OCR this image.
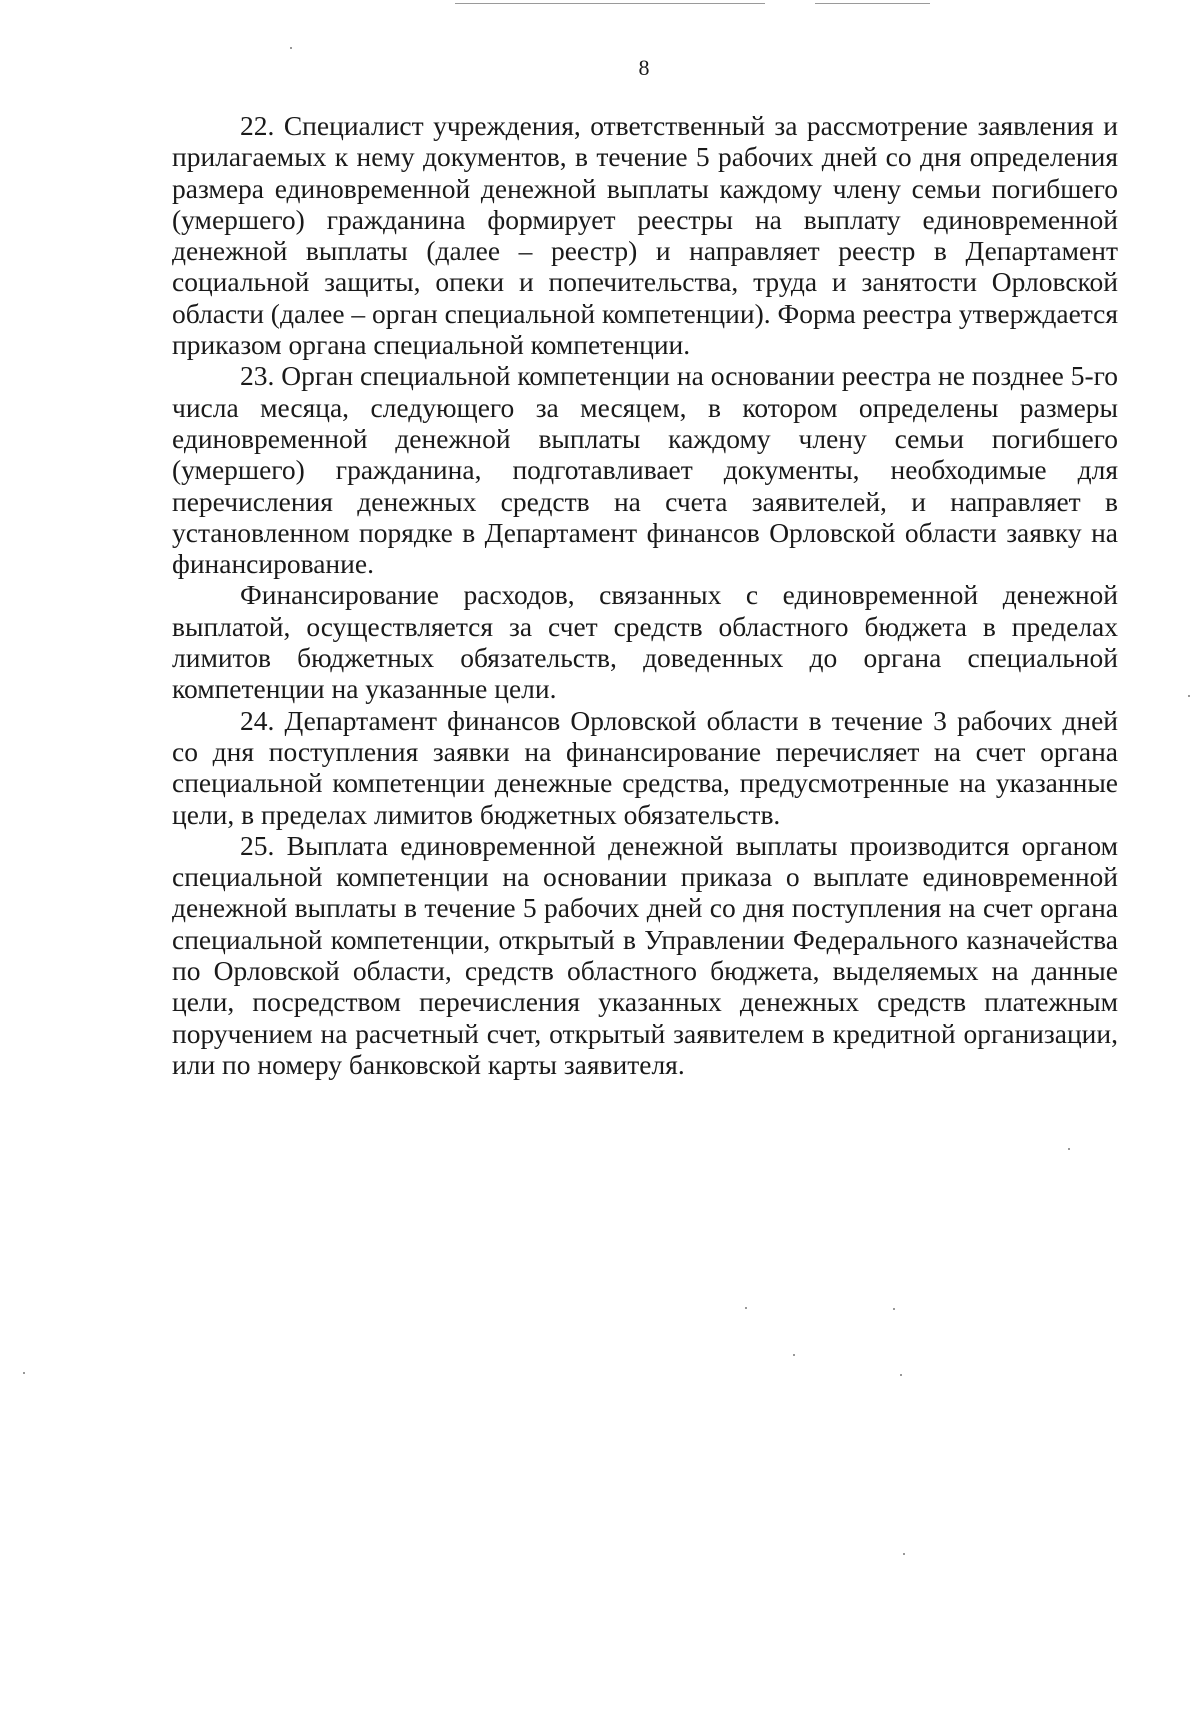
8

22. Специалист учреждения, ответственный за рассмотрение заявления и прилагаемых к нему документов, в течение 5 рабочих дней со дня определения размера единовременной денежной выплаты каждому члену семьи погибшего (умершего) гражданина формирует реестры на выплату единовременной денежной выплаты (далее – реестр) и направляет реестр в Департамент социальной защиты, опеки и попечительства, труда и занятости Орловской области (далее – орган специальной компетенции). Форма реестра утверждается приказом органа специальной компетенции.

23. Орган специальной компетенции на основании реестра не позднее 5-го числа месяца, следующего за месяцем, в котором определены размеры единовременной денежной выплаты каждому члену семьи погибшего (умершего) гражданина, подготавливает документы, необходимые для перечисления денежных средств на счета заявителей, и направляет в установленном порядке в Департамент финансов Орловской области заявку на финансирование.

Финансирование расходов, связанных с единовременной денежной выплатой, осуществляется за счет средств областного бюджета в пределах лимитов бюджетных обязательств, доведенных до органа специальной компетенции на указанные цели.

24. Департамент финансов Орловской области в течение 3 рабочих дней со дня поступления заявки на финансирование перечисляет на счет органа специальной компетенции денежные средства, предусмотренные на указанные цели, в пределах лимитов бюджетных обязательств.

25. Выплата единовременной денежной выплаты производится органом специальной компетенции на основании приказа о выплате единовременной денежной выплаты в течение 5 рабочих дней со дня поступления на счет органа специальной компетенции, открытый в Управлении Федерального казначейства по Орловской области, средств областного бюджета, выделяемых на данные цели, посредством перечисления указанных денежных средств платежным поручением на расчетный счет, открытый заявителем в кредитной организации, или по номеру банковской карты заявителя.
